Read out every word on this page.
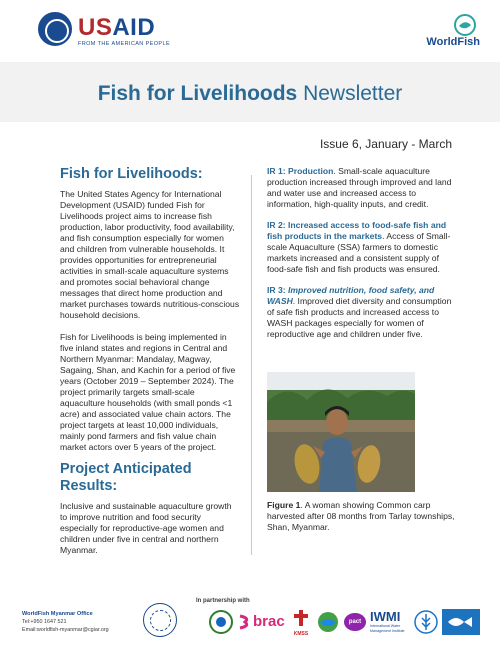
USAID
FROM THE AMERICAN PEOPLE	WorldFish
Fish for Livelihoods Newsletter
Issue 6, January - March
Fish for Livelihoods:

The United States Agency for International Development (USAID) funded Fish for Livelihoods project aims to increase fish production, labor productivity, food availability, and fish consumption especially for women and children from vulnerable households. It provides opportunities for entrepreneurial activities in small-scale aquaculture systems and promotes social behavioral change messages that direct home production and market purchases towards nutritious-conscious household decisions.

Fish for Livelihoods is being implemented in five inland states and regions in Central and Northern Myanmar: Mandalay, Magway, Sagaing, Shan, and Kachin for a period of five years (October 2019 – September 2024). The project primarily targets small-scale aquaculture households (with small ponds <1 acre) and associated value chain actors. The project targets at least 10,000 individuals, mainly pond farmers and fish value chain market actors over 5 years of the project.

Project Anticipated Results:

Inclusive and sustainable aquaculture growth to improve nutrition and food security especially for reproductive-age women and children under five in central and northern Myanmar.

IR 1: Production. Small-scale aquaculture production increased through improved and land and water use and increased access to information, high-quality inputs, and credit.

IR 2: Increased access to food-safe fish and fish products in the markets. Access of Small-scale Aquaculture (SSA) farmers to domestic markets increased and a consistent supply of food-safe fish and fish products was ensured.

IR 3: Improved nutrition, food safety, and WASH. Improved diet diversity and consumption of safe fish products and increased access to WASH packages especially for women of reproductive age and children under five.

Figure 1. A woman showing Common carp harvested after 08 months from Tarlay townships, Shan, Myanmar.
WorldFish Myanmar Office
Tel:+950 1647 521
Email:worldfish-myanmar@cgiar.org
In partnership with
brac
KMSS
pact IWMI
International Water Management Institute
